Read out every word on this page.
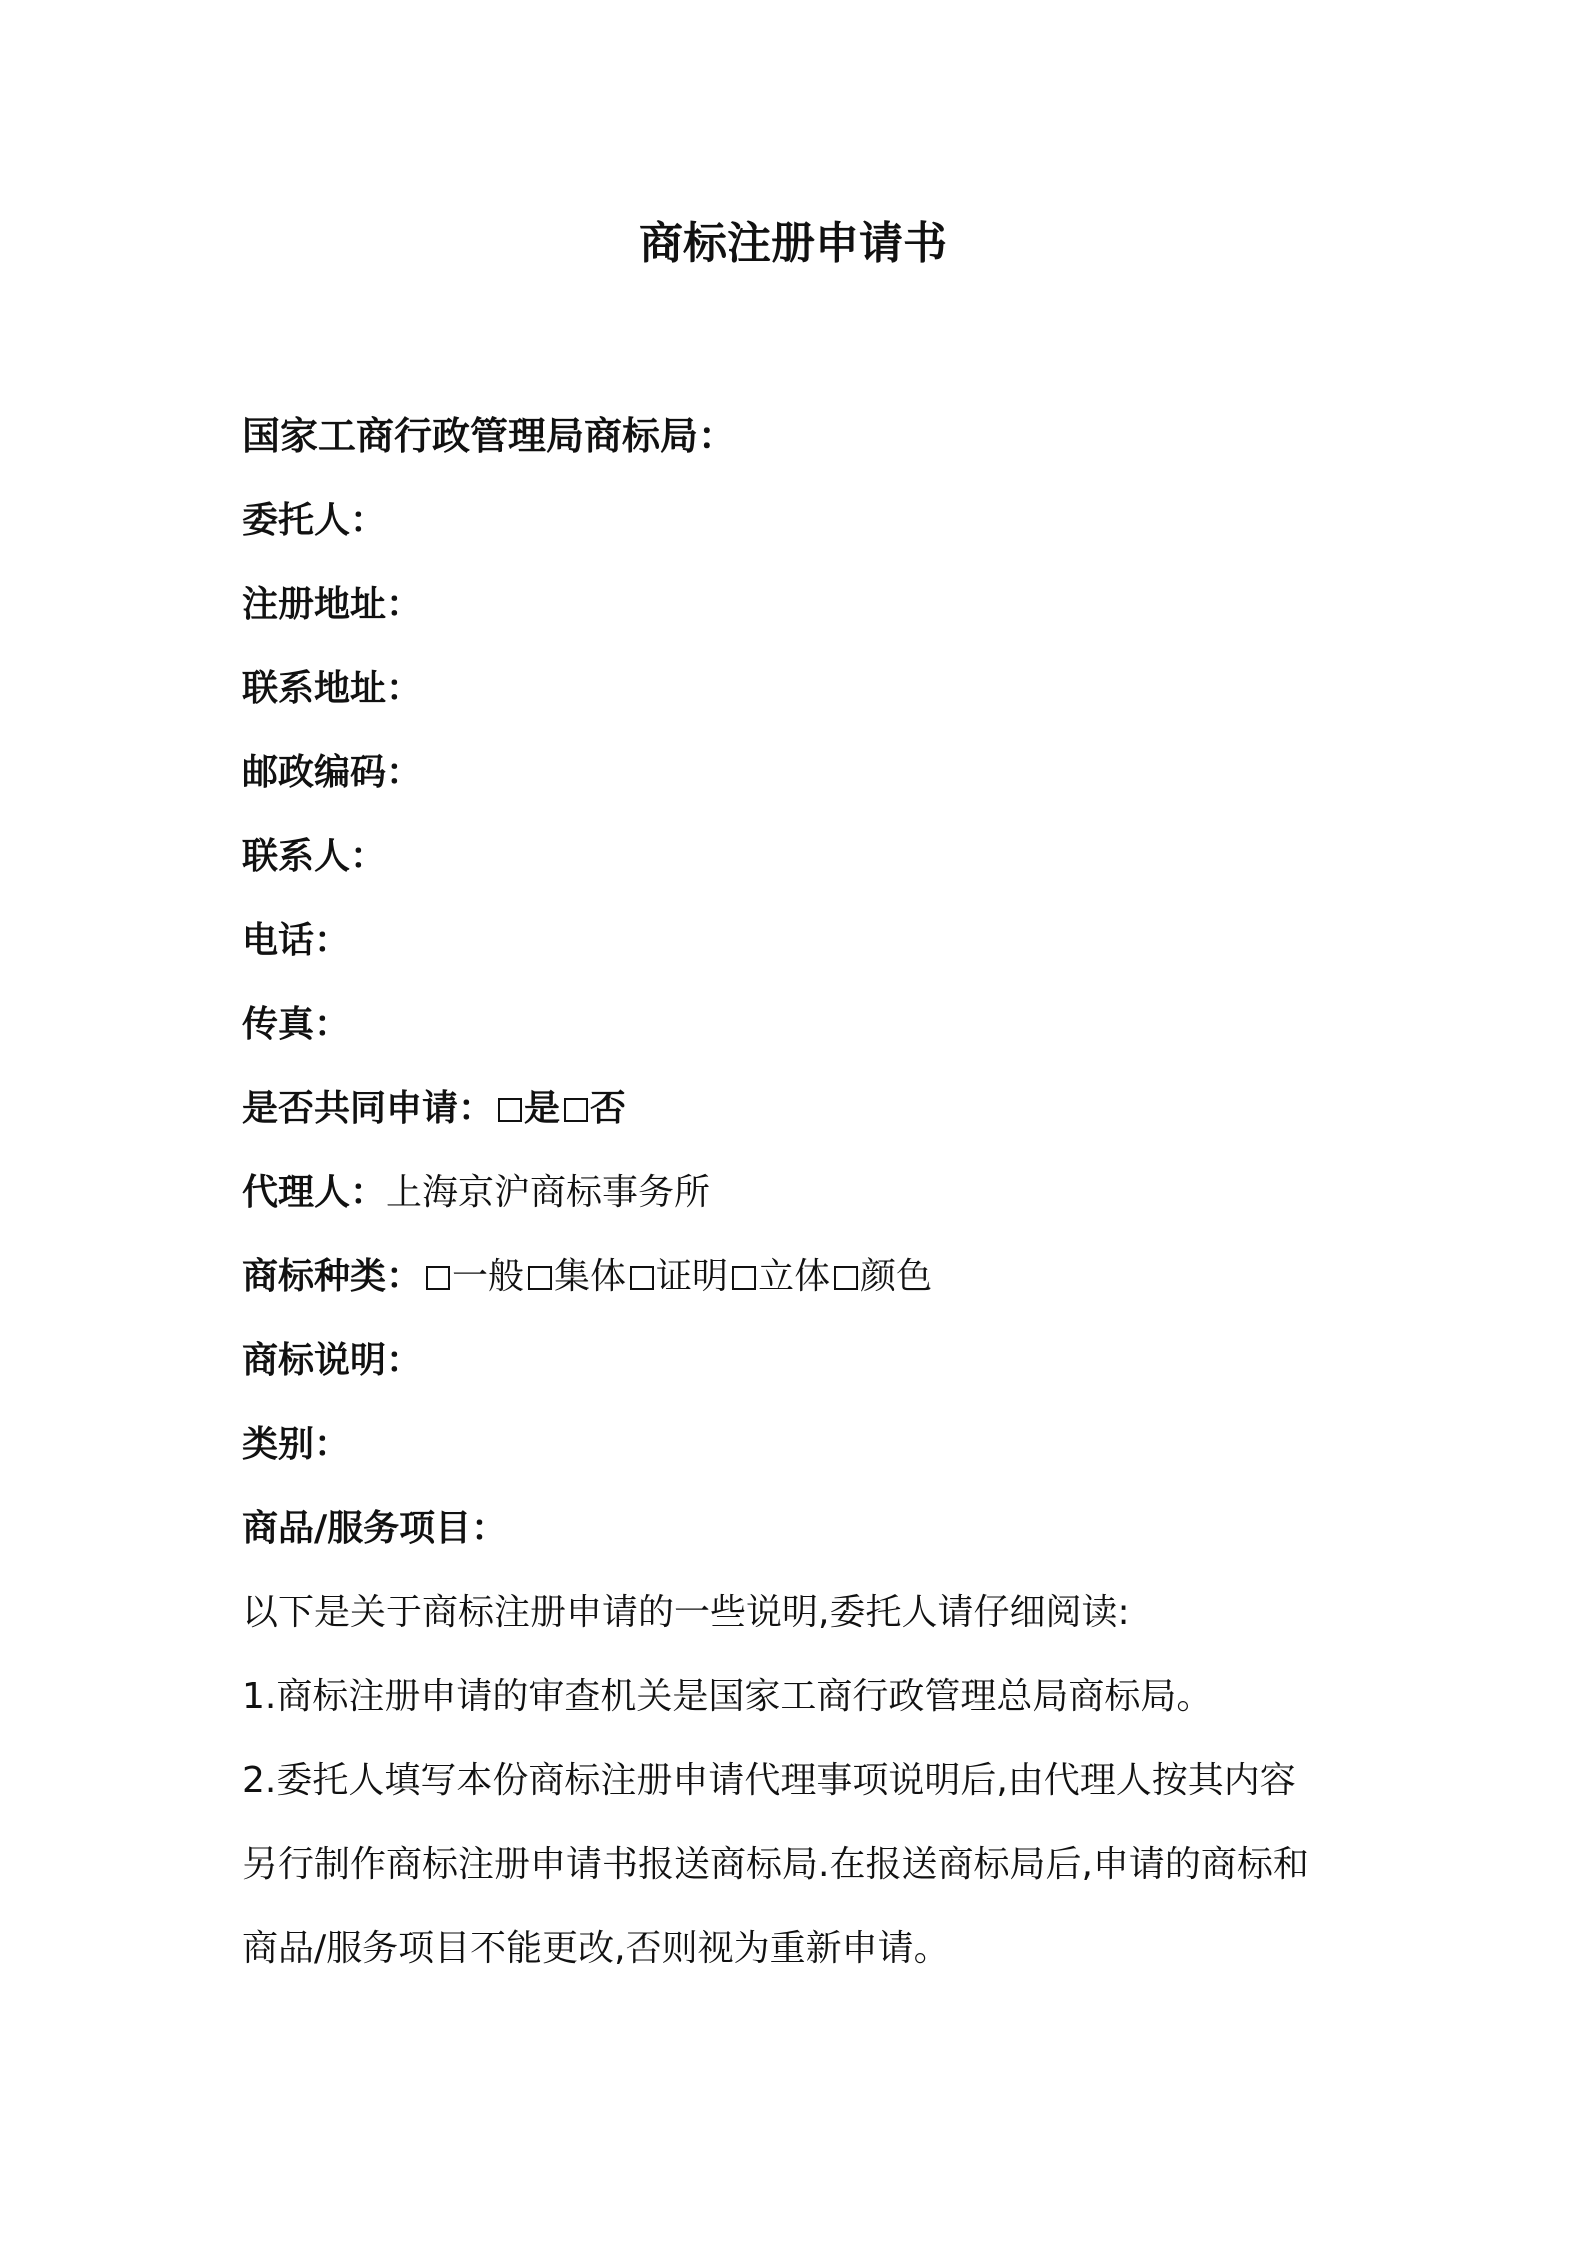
商标注册申请书
国家工商行政管理局商标局：
委托人：
注册地址：
联系地址：
邮政编码：
联系人：
电话：
传真：
是否共同申请： 是 否
代理人：上海京沪商标事务所
商标种类： 一般 集体 证明 立体 颜色
商标说明：
类别：
商品/服务项目：
以下是关于商标注册申请的一些说明,委托人请仔细阅读:
1.商标注册申请的审查机关是国家工商行政管理总局商标局。
2.委托人填写本份商标注册申请代理事项说明后,由代理人按其内容
另行制作商标注册申请书报送商标局.在报送商标局后,申请的商标和
商品/服务项目不能更改,否则视为重新申请。
